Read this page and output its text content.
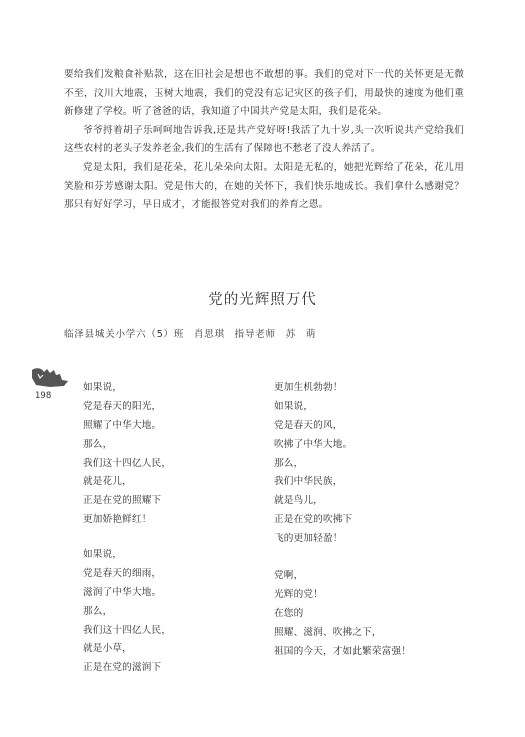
要给我们发粮食补贴款，这在旧社会是想也不敢想的事。我们的党对下一代的关怀更是无微不至，汶川大地震，玉树大地震，我们的党没有忘记灾区的孩子们，用最快的速度为他们重新修建了学校。听了爸爸的话，我知道了中国共产党是太阳，我们是花朵。

爷爷捋着胡子乐呵呵地告诉我,还是共产党好呀!我活了九十岁,头一次听说共产党给我们这些农村的老头子发养老金,我们的生活有了保障也不愁老了没人养活了。

党是太阳，我们是花朵，花儿朵朵向太阳。太阳是无私的，她把光辉给了花朵，花儿用笑脸和芬芳感谢太阳。党是伟大的，在她的关怀下，我们快乐地成长。我们拿什么感谢党？那只有好好学习，早日成才，才能报答党对我们的养育之恩。

党的光辉照万代
临泽县城关小学六（5）班 肖思琪 指导老师 苏 萌
198
如果说，
党是春天的阳光，
照耀了中华大地。
那么，
我们这十四亿人民，
就是花儿，
正是在党的照耀下
更加娇艳鲜红！
如果说，
党是春天的细雨，
滋润了中华大地。
那么，
我们这十四亿人民，
就是小草，
正是在党的滋润下
更加生机勃勃！
如果说，
党是春天的风，
吹拂了中华大地。
那么，
我们中华民族，
就是鸟儿，
正是在党的吹拂下
飞的更加轻盈！
党啊，
光辉的党！
在您的
照耀、滋润、吹拂之下，
祖国的今天，才如此繁荣富强！
